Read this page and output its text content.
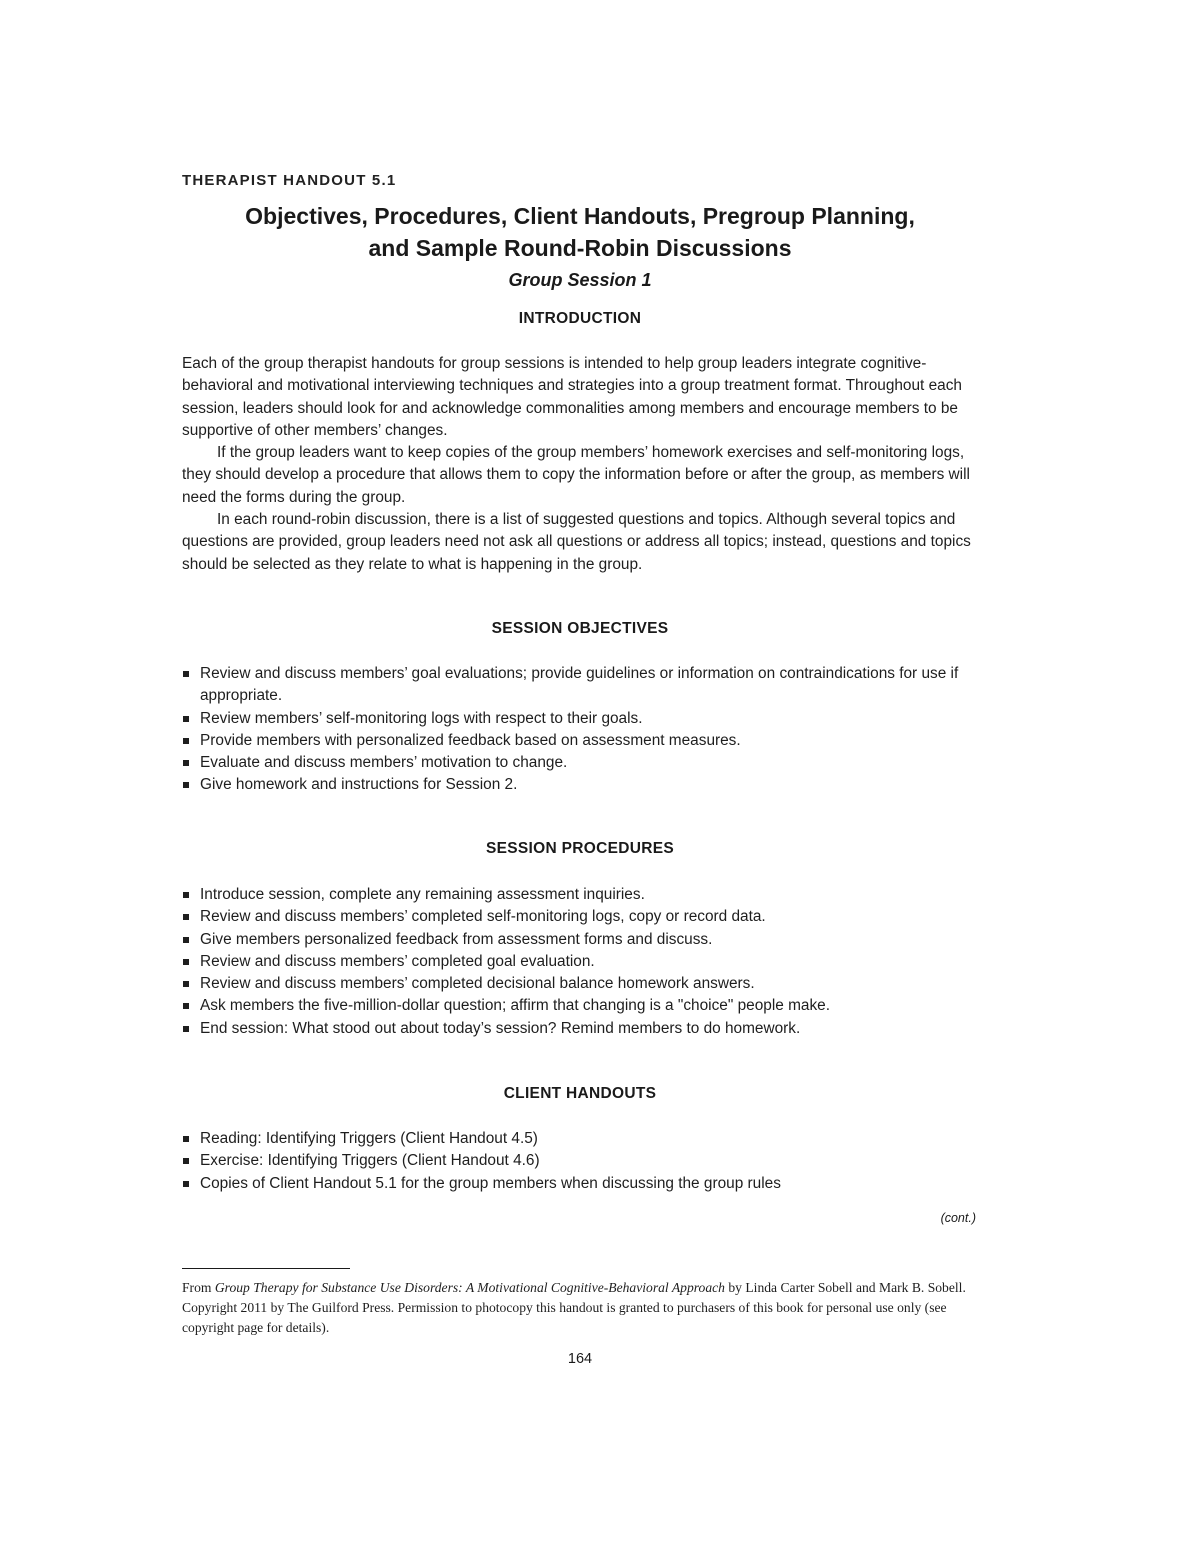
THERAPIST HANDOUT 5.1
Objectives, Procedures, Client Handouts, Pregroup Planning,
and Sample Round-Robin Discussions
Group Session 1
INTRODUCTION

Each of the group therapist handouts for group sessions is intended to help group leaders integrate cognitive-behavioral and motivational interviewing techniques and strategies into a group treatment format. Throughout each session, leaders should look for and acknowledge commonalities among members and encourage members to be supportive of other members’ changes.

If the group leaders want to keep copies of the group members’ homework exercises and self-monitoring logs, they should develop a procedure that allows them to copy the information before or after the group, as members will need the forms during the group.

In each round-robin discussion, there is a list of suggested questions and topics. Although several topics and questions are provided, group leaders need not ask all questions or address all topics; instead, questions and topics should be selected as they relate to what is happening in the group.

SESSION OBJECTIVES
Review and discuss members’ goal evaluations; provide guidelines or information on contraindications for use if appropriate.
Review members’ self-monitoring logs with respect to their goals.
Provide members with personalized feedback based on assessment measures.
Evaluate and discuss members’ motivation to change.
Give homework and instructions for Session 2.
SESSION PROCEDURES
Introduce session, complete any remaining assessment inquiries.
Review and discuss members’ completed self-monitoring logs, copy or record data.
Give members personalized feedback from assessment forms and discuss.
Review and discuss members’ completed goal evaluation.
Review and discuss members’ completed decisional balance homework answers.
Ask members the five-million-dollar question; affirm that changing is a "choice" people make.
End session: What stood out about today’s session? Remind members to do homework.
CLIENT HANDOUTS
Reading: Identifying Triggers (Client Handout 4.5)
Exercise: Identifying Triggers (Client Handout 4.6)
Copies of Client Handout 5.1 for the group members when discussing the group rules
(cont.)
From Group Therapy for Substance Use Disorders: A Motivational Cognitive-Behavioral Approach by Linda Carter Sobell and Mark B. Sobell. Copyright 2011 by The Guilford Press. Permission to photocopy this handout is granted to purchasers of this book for personal use only (see copyright page for details).
164
